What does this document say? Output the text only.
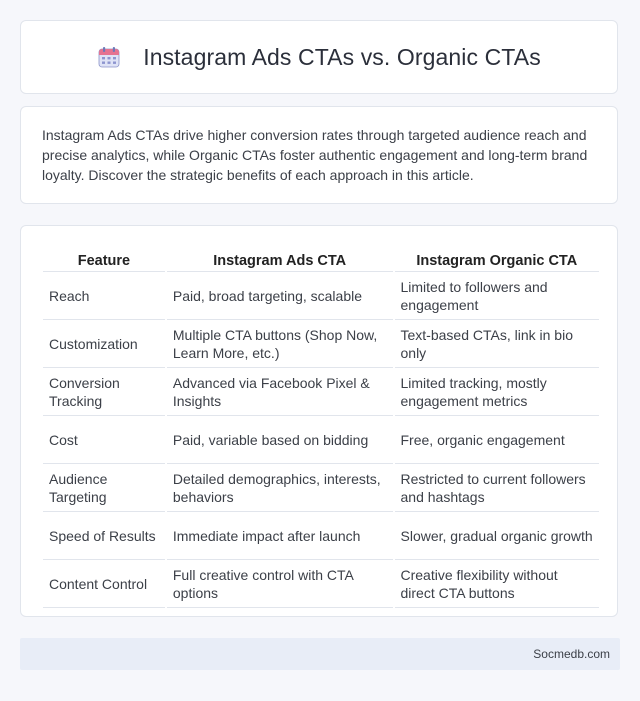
Instagram Ads CTAs vs. Organic CTAs

Instagram Ads CTAs drive higher conversion rates through targeted audience reach and precise analytics, while Organic CTAs foster authentic engagement and long-term brand loyalty. Discover the strategic benefits of each approach in this article.

Feature	Instagram Ads CTA	Instagram Organic CTA
Reach	Paid, broad targeting, scalable	Limited to followers and engagement
Customization	Multiple CTA buttons (Shop Now, Learn More, etc.)	Text-based CTAs, link in bio only
Conversion Tracking	Advanced via Facebook Pixel & Insights	Limited tracking, mostly engagement metrics
Cost	Paid, variable based on bidding	Free, organic engagement
Audience Targeting	Detailed demographics, interests, behaviors	Restricted to current followers and hashtags
Speed of Results	Immediate impact after launch	Slower, gradual organic growth
Content Control	Full creative control with CTA options	Creative flexibility without direct CTA buttons
Socmedb.com
